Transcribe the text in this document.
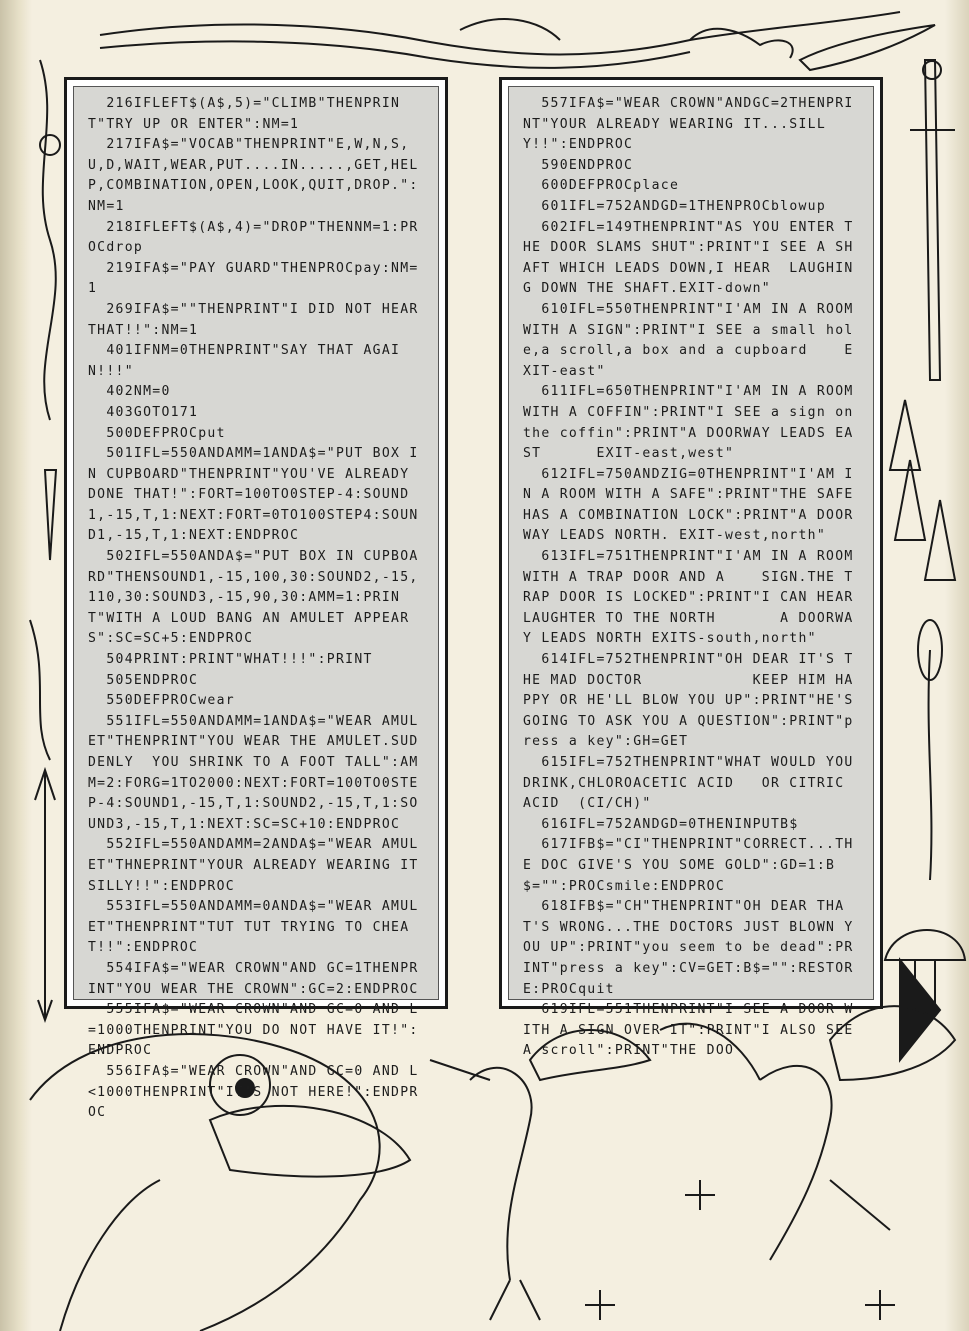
216IFLEFT$(A$,5)="CLIMB"THENPRINT"TRY UP OR ENTER":NM=1
217IFA$="VOCAB"THENPRINT"E,W,N,S,U,D,WAIT,WEAR,PUT....IN.....,GET,HELP,COMBINATION,OPEN,LOOK,QUIT,DROP.":NM=1
218IFLEFT$(A$,4)="DROP"THENNM=1:PROCdrop
219IFA$="PAY GUARD"THENPROCpay:NM=1
269IFA$=""THENPRINT"I DID NOT HEAR THAT!!":NM=1
401IFNM=0THENPRINT"SAY THAT AGAIN!!!"
402NM=0
403GOTO171
500DEFPROCput
501IFL=550ANDAMM=1ANDA$="PUT BOX IN CUPBOARD"THENPRINT"YOU'VE ALREADY DONE THAT!":FORT=100TO0STEP-4:SOUND1,-15,T,1:NEXT:FORT=0TO100STEP4:SOUND1,-15,T,1:NEXT:ENDPROC
502IFL=550ANDA$="PUT BOX IN CUPBOARD"THENSOUND1,-15,100,30:SOUND2,-15,110,30:SOUND3,-15,90,30:AMM=1:PRINT"WITH A LOUD BANG AN AMULET APPEARS":SC=SC+5:ENDPROC
504PRINT:PRINT"WHAT!!!":PRINT
505ENDPROC
550DEFPROCwear
551IFL=550ANDAMM=1ANDA$="WEAR AMULET"THENPRINT"YOU WEAR THE AMULET.SUDDENLY  YOU SHRINK TO A FOOT TALL":AMM=2:FORG=1TO2000:NEXT:FORT=100TO0STEP-4:SOUND1,-15,T,1:SOUND2,-15,T,1:SOUND3,-15,T,1:NEXT:SC=SC+10:ENDPROC
552IFL=550ANDAMM=2ANDA$="WEAR AMULET"THNEPRINT"YOUR ALREADY WEARING IT SILLY!!":ENDPROC
553IFL=550ANDAMM=0ANDA$="WEAR AMULET"THENPRINT"TUT TUT TRYING TO CHEAT!!":ENDPROC
554IFA$="WEAR CROWN"AND GC=1THENPRINT"YOU WEAR THE CROWN":GC=2:ENDPROC
555IFA$="WEAR CROWN"AND GC=0 AND L=1000THENPRINT"YOU DO NOT HAVE IT!":ENDPROC
556IFA$="WEAR CROWN"AND GC=0 AND L<1000THENPRINT"IT'S NOT HERE!":ENDPROC
557IFA$="WEAR CROWN"ANDGC=2THENPRINT"YOUR ALREADY WEARING IT...SILLY!!":ENDPROC
590ENDPROC
600DEFPROCplace
601IFL=752ANDGD=1THENPROCblowup
602IFL=149THENPRINT"AS YOU ENTER THE DOOR SLAMS SHUT":PRINT"I SEE A SHAFT WHICH LEADS DOWN,I HEAR  LAUGHING DOWN THE SHAFT.EXIT-down"
610IFL=550THENPRINT"I'AM IN A ROOM WITH A SIGN":PRINT"I SEE a small hole,a scroll,a box and a cupboard    EXIT-east"
611IFL=650THENPRINT"I'AM IN A ROOM WITH A COFFIN":PRINT"I SEE a sign on the coffin":PRINT"A DOORWAY LEADS EAST      EXIT-east,west"
612IFL=750ANDZIG=0THENPRINT"I'AM IN A ROOM WITH A SAFE":PRINT"THE SAFE HAS A COMBINATION LOCK":PRINT"A DOORWAY LEADS NORTH. EXIT-west,north"
613IFL=751THENPRINT"I'AM IN A ROOM WITH A TRAP DOOR AND A    SIGN.THE TRAP DOOR IS LOCKED":PRINT"I CAN HEAR LAUGHTER TO THE NORTH       A DOORWAY LEADS NORTH EXITS-south,north"
614IFL=752THENPRINT"OH DEAR IT'S THE MAD DOCTOR            KEEP HIM HAPPY OR HE'LL BLOW YOU UP":PRINT"HE'S GOING TO ASK YOU A QUESTION":PRINT"press a key":GH=GET
615IFL=752THENPRINT"WHAT WOULD YOU DRINK,CHLOROACETIC ACID   OR CITRIC ACID  (CI/CH)"
616IFL=752ANDGD=0THENINPUTB$
617IFB$="CI"THENPRINT"CORRECT...THE DOC GIVE'S YOU SOME GOLD":GD=1:B$="":PROCsmile:ENDPROC
618IFB$="CH"THENPRINT"OH DEAR THAT'S WRONG...THE DOCTORS JUST BLOWN YOU UP":PRINT"you seem to be dead":PRINT"press a key":CV=GET:B$="":RESTORE:PROCquit
619IFL=551THENPRINT"I SEE A DOOR WITH A SIGN OVER IT":PRINT"I ALSO SEE A scroll":PRINT"THE DOO
